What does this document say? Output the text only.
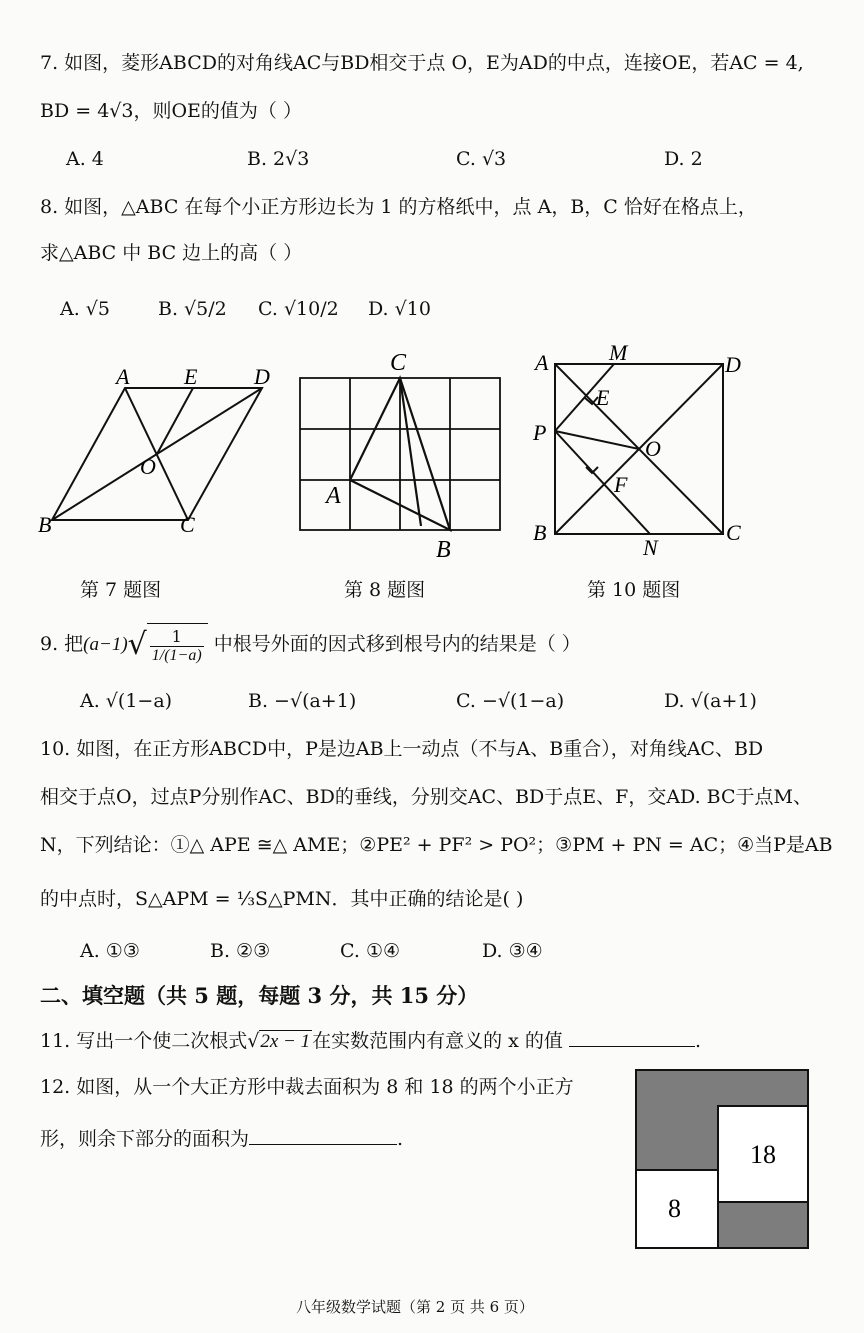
7. 如图，菱形ABCD的对角线AC与BD相交于点 O，E为AD的中点，连接OE，若AC = 4,
BD = 4√3，则OE的值为（ ）
A. 4	B. 2√3	C. √3	D. 2
8. 如图，△ABC 在每个小正方形边长为 1 的方格纸中，点 A，B，C 恰好在格点上，
求△ABC 中 BC 边上的高（ ）
A. √5	B. √5/2 C. √10/2 D. √10
A E	D
O
B	C
C
A
B
A	M	D
E
P
O
F
B
N
C
第 7 题图	第 8 题图	第 10 题图
9. 把$(a-1)√ \frac{1}{1/(1-a)}$ 中根号外面的因式移到根号内的结果是（ ）
A. √(1−a)	B. −√(a+1)	C. −√(1−a)	D. √(a+1)
10. 如图，在正方形ABCD中，P是边AB上一动点（不与A、B重合），对角线AC、BD
相交于点O，过点P分别作AC、BD的垂线，分别交AC、BD于点E、F，交AD. BC于点M、
N，下列结论：①△ APE ≅△ AME；②PE² + PF² > PO²；③PM + PN = AC；④当P是AB
的中点时，S△APM = ⅓S△PMN．其中正确的结论是( )
A. ①③	B. ②③	C. ①④	D. ③④
二、填空题（共 5 题，每题 3 分，共 15 分）
11. 写出一个使二次根式√2x − 1 在实数范围内有意义的 x 的值	.
12. 如图，从一个大正方形中裁去面积为 8 和 18 的两个小正方
形，则余下部分的面积为	.
18
8
八年级数学试题（第 2 页 共 6 页）
